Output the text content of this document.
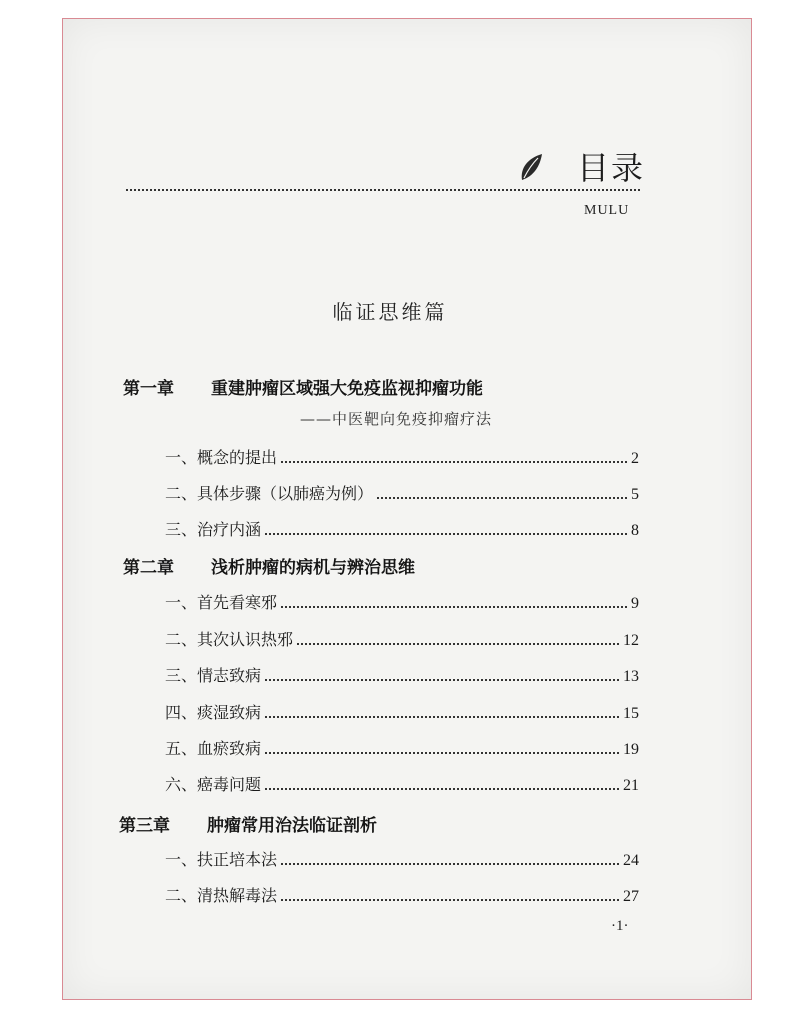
目录
MULU
临证思维篇
第一章 重建肿瘤区域强大免疫监视抑瘤功能
——中医靶向免疫抑瘤疗法
一、概念的提出	2
二、具体步骤（以肺癌为例）	5
三、治疗内涵	8
第二章 浅析肿瘤的病机与辨治思维
一、首先看寒邪	9
二、其次认识热邪	12
三、情志致病	13
四、痰湿致病	15
五、血瘀致病	19
六、癌毒问题	21
第三章 肿瘤常用治法临证剖析
一、扶正培本法	24
二、清热解毒法	27
·1·
